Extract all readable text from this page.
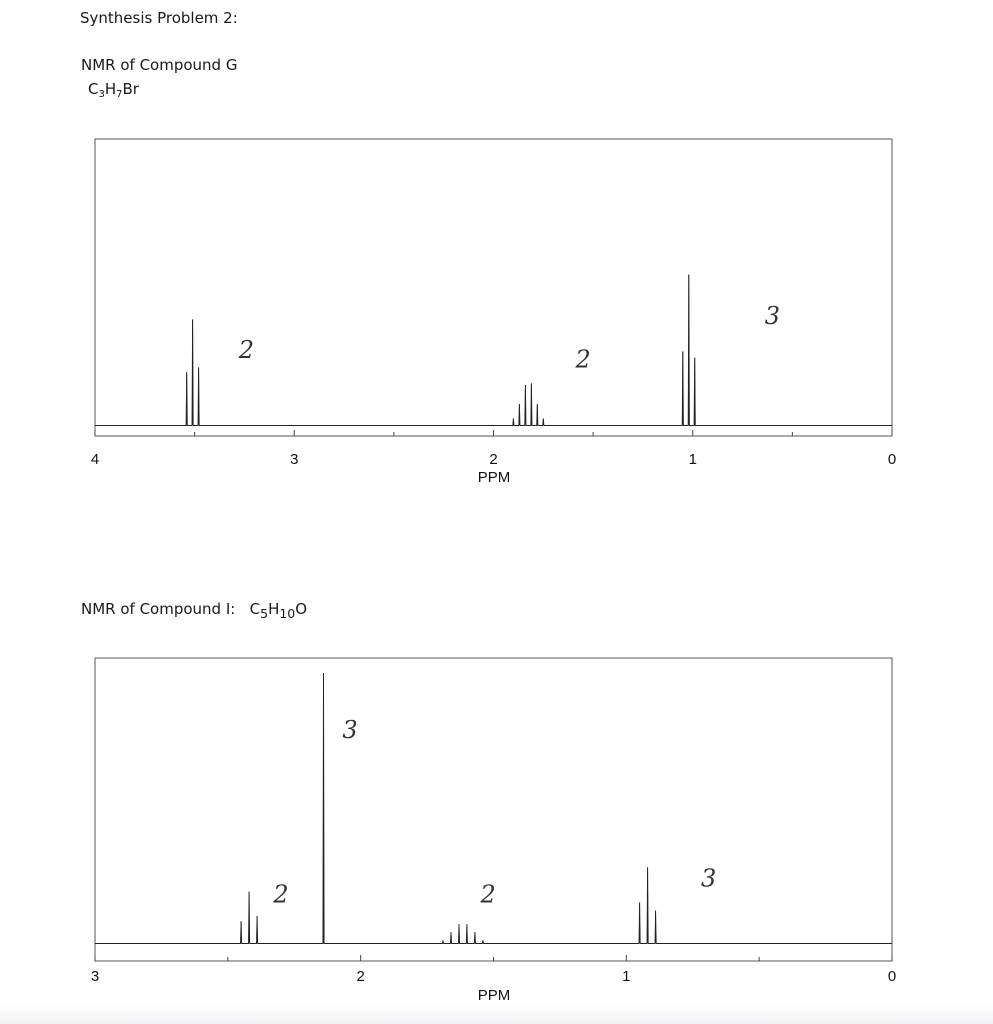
Synthesis Problem 2:
NMR of Compound G
$C_3H_7Br$
4	3	2	1	0
PPM
2	2
3
NMR of Compound I: $C_5H_{10}O$
3	2	1	0
PPM
2
3
2
3
